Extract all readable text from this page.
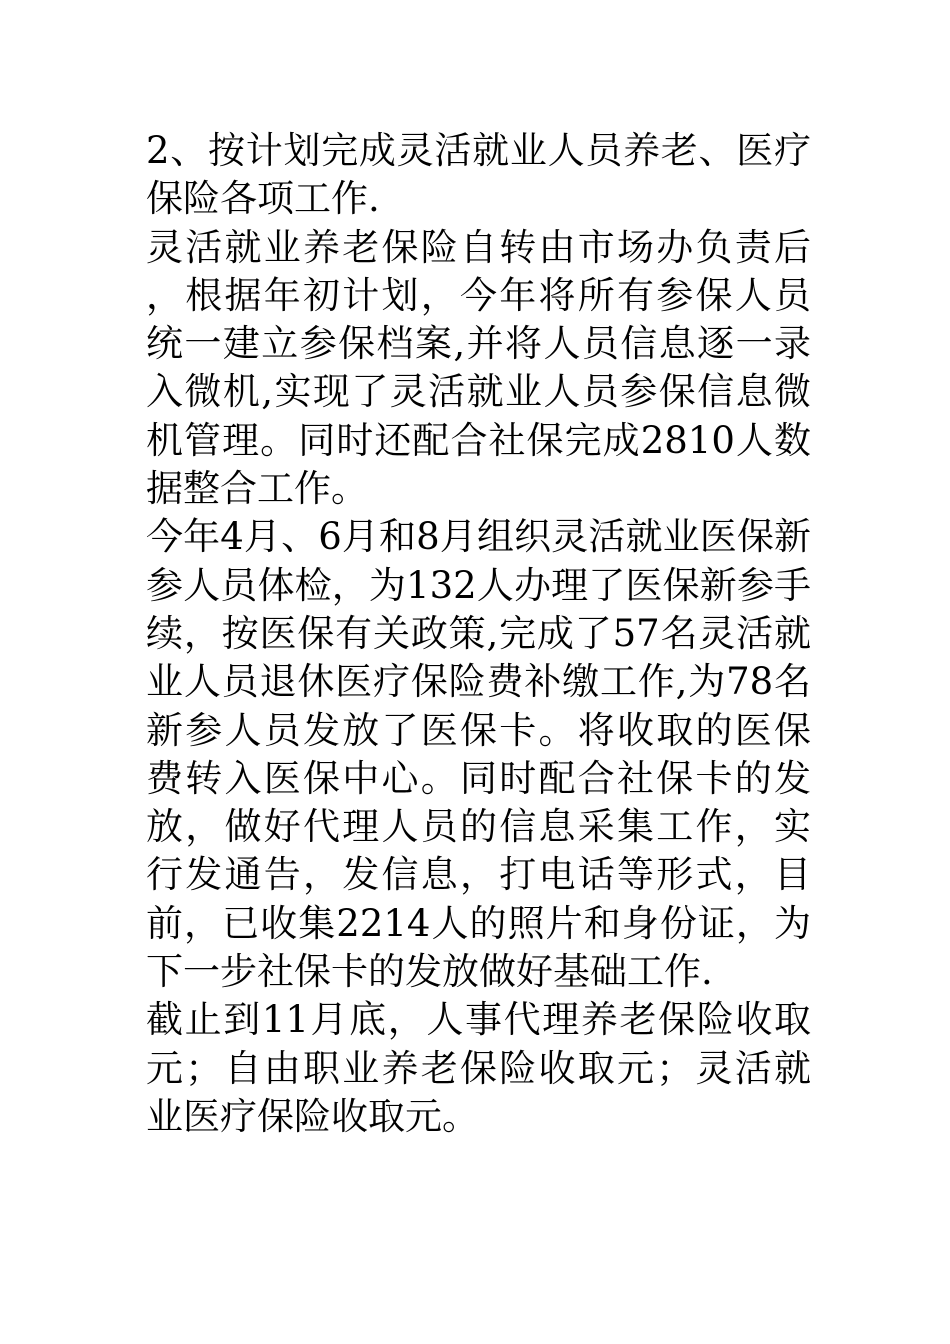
2、按计划完成灵活就业人员养老、医疗保险各项工作.

灵活就业养老保险自转由市场办负责后，根据年初计划，今年将所有参保人员统一建立参保档案,并将人员信息逐一录入微机,实现了灵活就业人员参保信息微机管理。同时还配合社保完成2810人数据整合工作。

今年4月、6月和8月组织灵活就业医保新参人员体检，为132人办理了医保新参手续，按医保有关政策,完成了57名灵活就业人员退休医疗保险费补缴工作,为78名新参人员发放了医保卡。将收取的医保费转入医保中心。同时配合社保卡的发放，做好代理人员的信息采集工作，实行发通告，发信息，打电话等形式，目前，已收集2214人的照片和身份证，为下一步社保卡的发放做好基础工作.

截止到11月底，人事代理养老保险收取元；自由职业养老保险收取元；灵活就业医疗保险收取元。
